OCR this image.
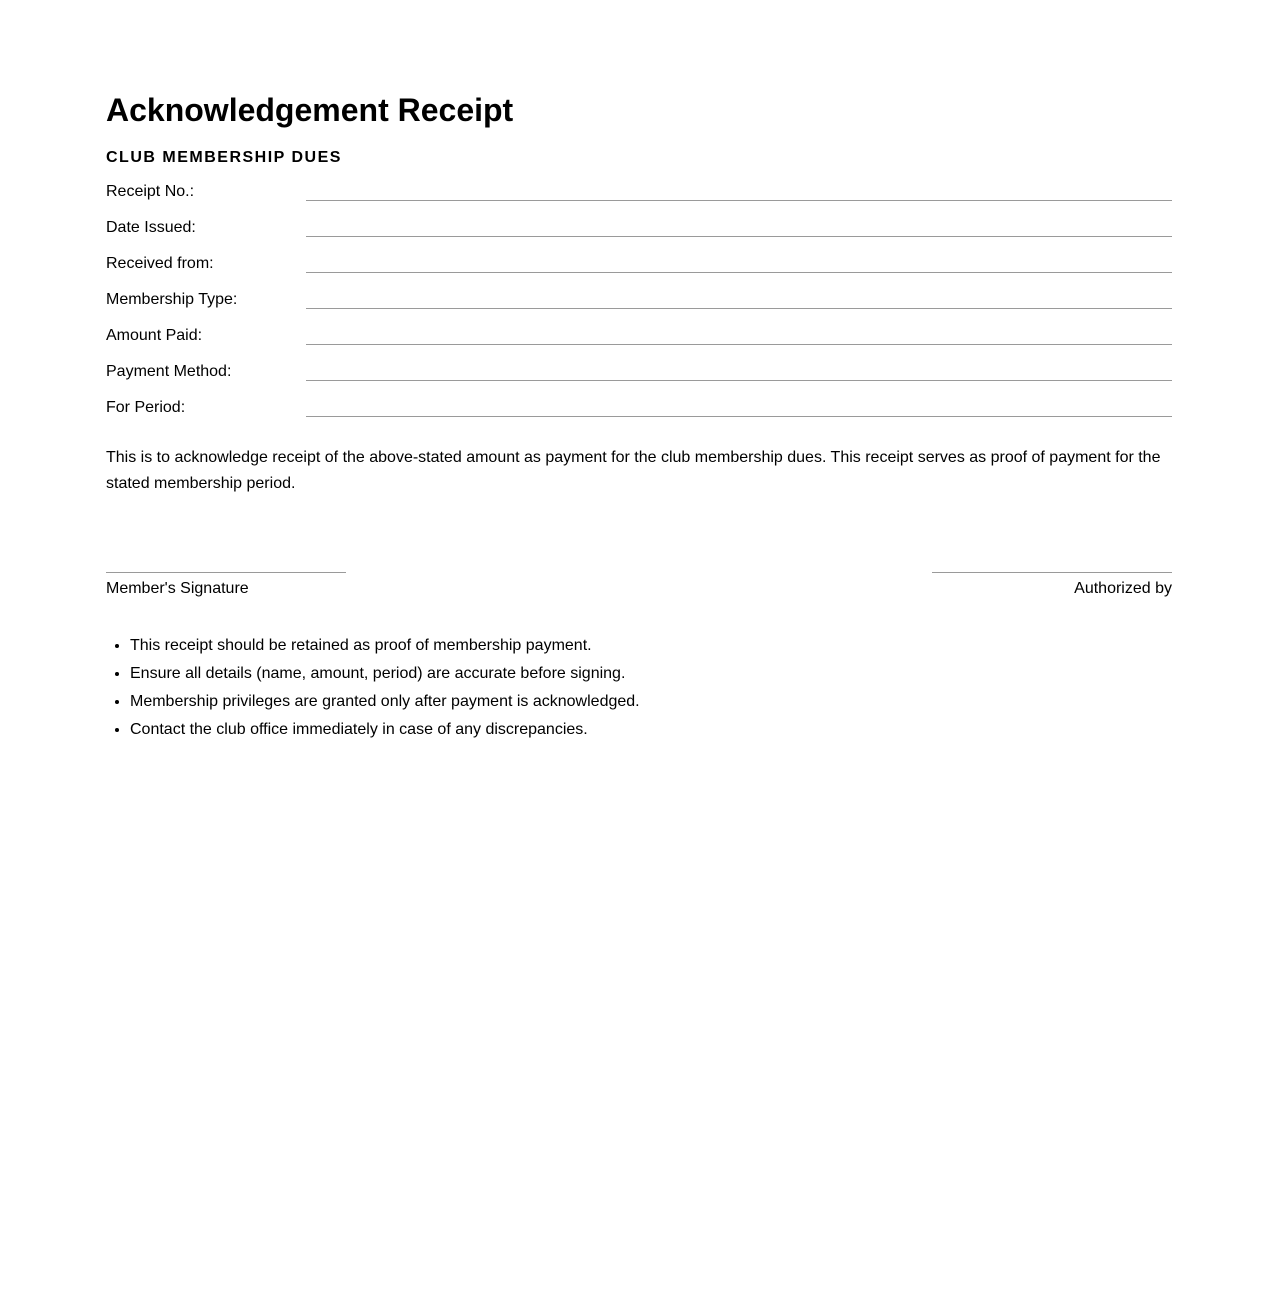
Acknowledgement Receipt
CLUB MEMBERSHIP DUES
Receipt No.:
Date Issued:
Received from:
Membership Type:
Amount Paid:
Payment Method:
For Period:

This is to acknowledge receipt of the above-stated amount as payment for the club membership dues. This receipt serves as proof of payment for the stated membership period.

Member's Signature	Authorized by
• This receipt should be retained as proof of membership payment.
• Ensure all details (name, amount, period) are accurate before signing.
• Membership privileges are granted only after payment is acknowledged.
• Contact the club office immediately in case of any discrepancies.
